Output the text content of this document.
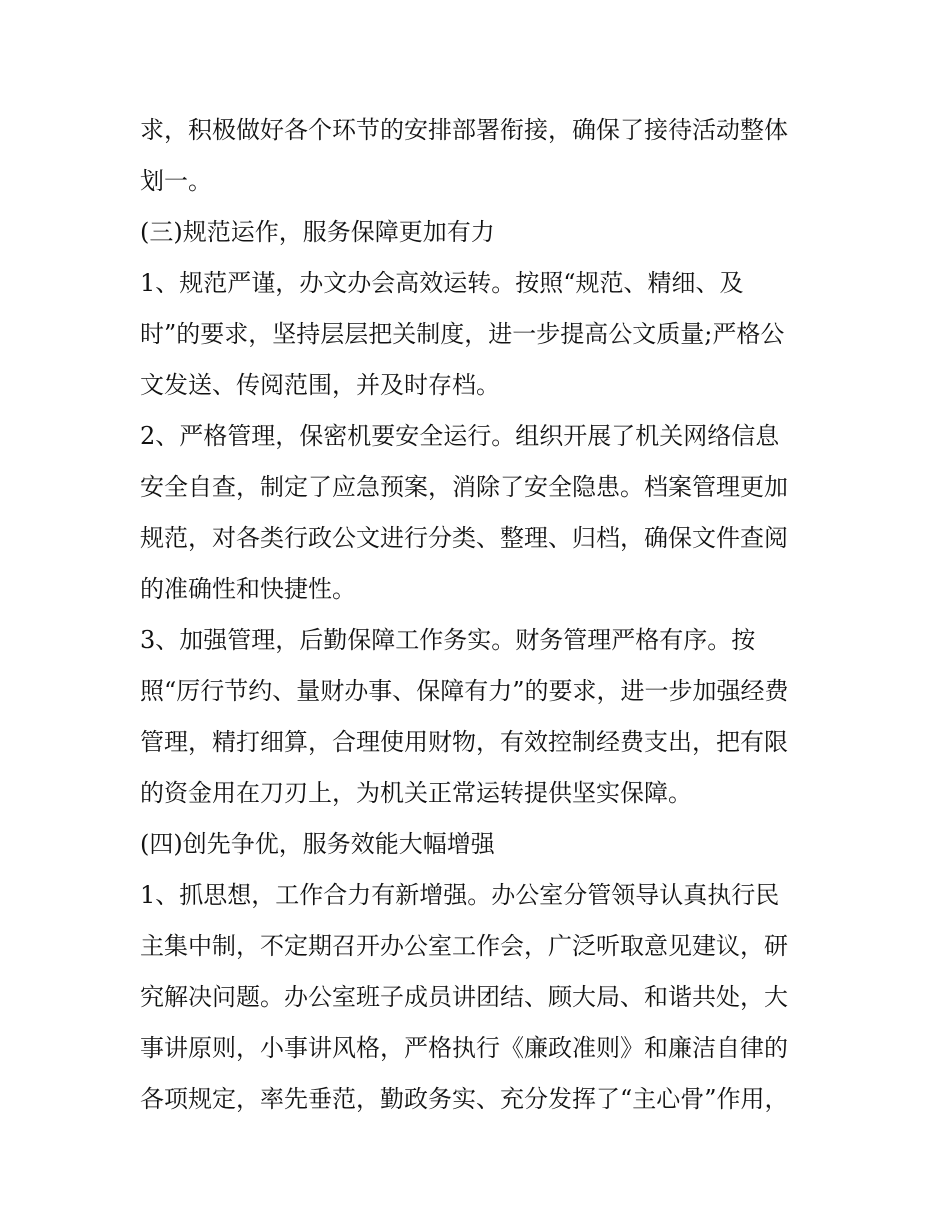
求，积极做好各个环节的安排部署衔接，确保了接待活动整体
划一。
(三)规范运作，服务保障更加有力
1、规范严谨，办文办会高效运转。按照“规范、精细、及
时”的要求，坚持层层把关制度，进一步提高公文质量;严格公
文发送、传阅范围，并及时存档。
2、严格管理，保密机要安全运行。组织开展了机关网络信息
安全自查，制定了应急预案，消除了安全隐患。档案管理更加
规范，对各类行政公文进行分类、整理、归档，确保文件查阅
的准确性和快捷性。
3、加强管理，后勤保障工作务实。财务管理严格有序。按
照“厉行节约、量财办事、保障有力”的要求，进一步加强经费
管理，精打细算，合理使用财物，有效控制经费支出，把有限
的资金用在刀刃上，为机关正常运转提供坚实保障。
(四)创先争优，服务效能大幅增强
1、抓思想，工作合力有新增强。办公室分管领导认真执行民
主集中制，不定期召开办公室工作会，广泛听取意见建议，研
究解决问题。办公室班子成员讲团结、顾大局、和谐共处，大
事讲原则，小事讲风格，严格执行《廉政准则》和廉洁自律的
各项规定，率先垂范，勤政务实、充分发挥了“主心骨”作用，
